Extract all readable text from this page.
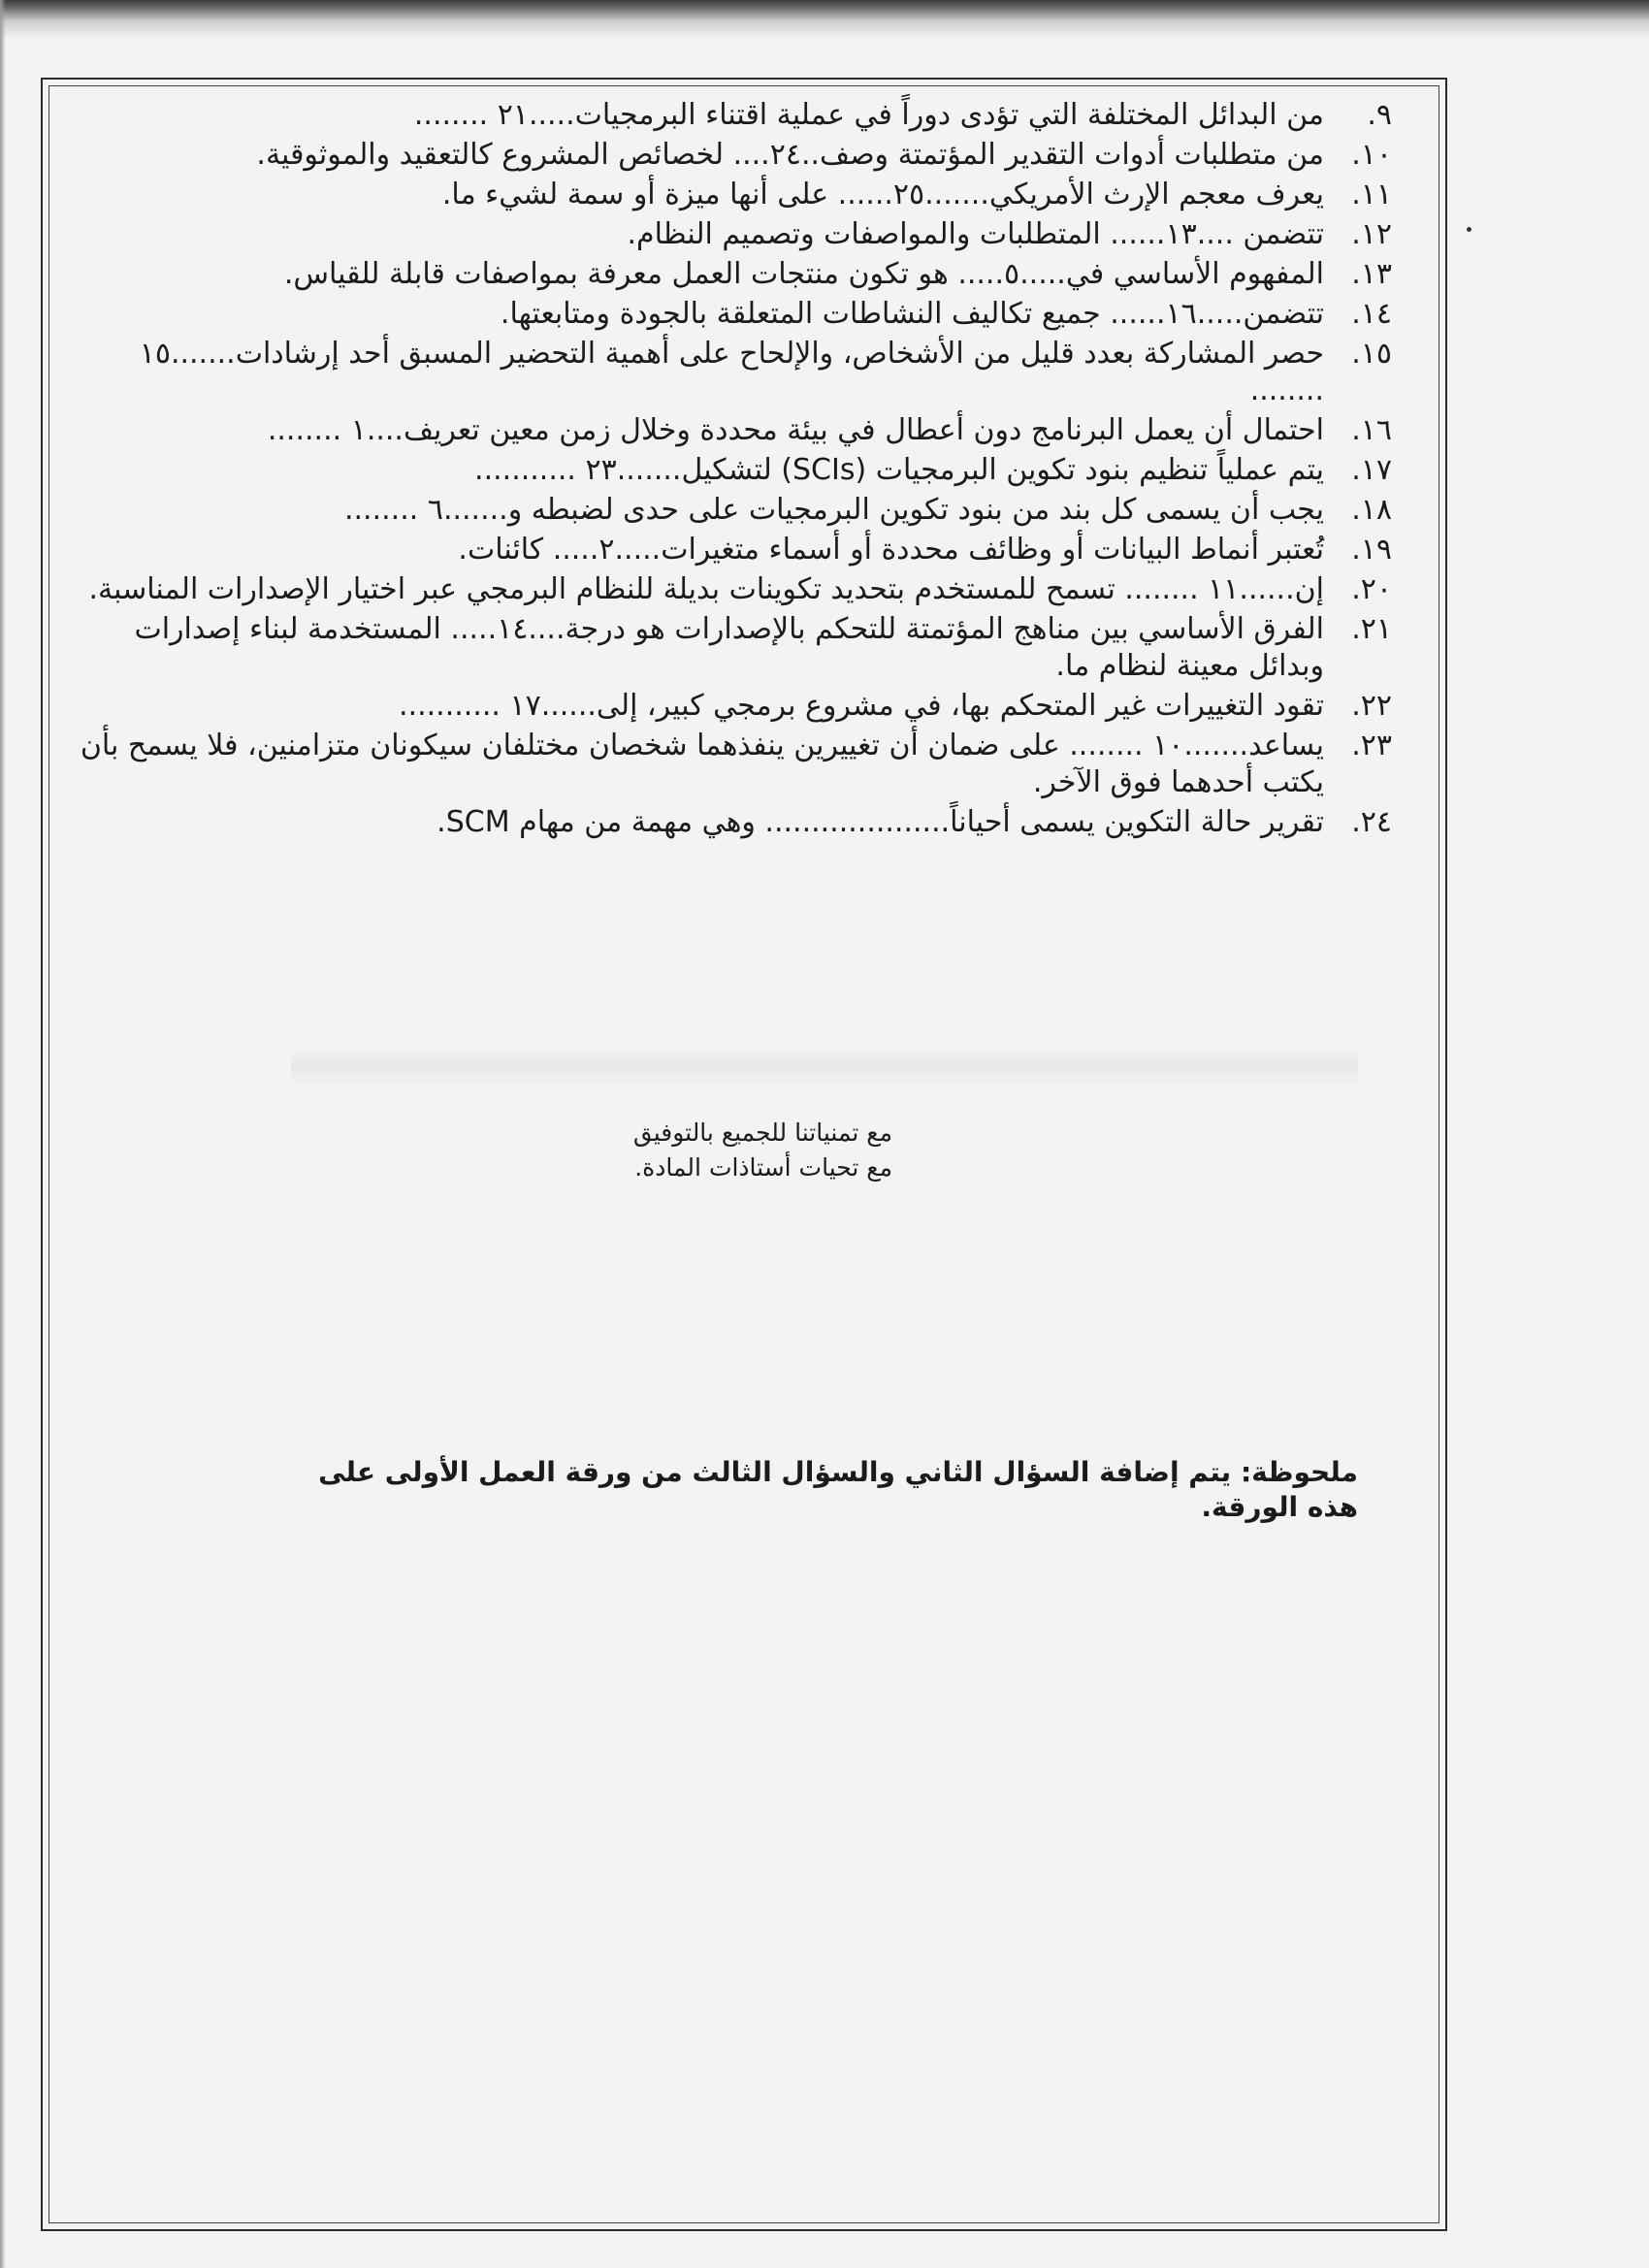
٩.
من البدائل المختلفة التي تؤدى دوراً في عملية اقتناء البرمجيات.....٢١ ........
١٠.
من متطلبات أدوات التقدير المؤتمتة وصف..٢٤.... لخصائص المشروع كالتعقيد والموثوقية.
١١.
يعرف معجم الإرث الأمريكي.......٢٥...... على أنها ميزة أو سمة لشيء ما.
١٢.
تتضمن ....١٣...... المتطلبات والمواصفات وتصميم النظام.
١٣.
المفهوم الأساسي في.....٥..... هو تكون منتجات العمل معرفة بمواصفات قابلة للقياس.
١٤.
تتضمن.....١٦...... جميع تكاليف النشاطات المتعلقة بالجودة ومتابعتها.
١٥.
حصر المشاركة بعدد قليل من الأشخاص، والإلحاح على أهمية التحضير المسبق أحد إرشادات.......١٥ ........
١٦.
احتمال أن يعمل البرنامج دون أعطال في بيئة محددة وخلال زمن معين تعريف....١ ........
١٧.
يتم عملياً تنظيم بنود تكوين البرمجيات (SCIs) لتشكيل.......٢٣ ...........
١٨.
يجب أن يسمى كل بند من بنود تكوين البرمجيات على حدى لضبطه و.......٦ ........
١٩.
تُعتبر أنماط البيانات أو وظائف محددة أو أسماء متغيرات.....٢..... كائنات.
٢٠.
إن......١١ ........ تسمح للمستخدم بتحديد تكوينات بديلة للنظام البرمجي عبر اختيار الإصدارات المناسبة.
٢١.
الفرق الأساسي بين مناهج المؤتمتة للتحكم بالإصدارات هو درجة....١٤..... المستخدمة لبناء إصدارات وبدائل معينة لنظام ما.
٢٢.
تقود التغييرات غير المتحكم بها، في مشروع برمجي كبير، إلى......١٧ ...........
٢٣.
يساعد.......١٠ ........ على ضمان أن تغييرين ينفذهما شخصان مختلفان سيكونان متزامنين، فلا يسمح بأن يكتب أحدهما فوق الآخر.
٢٤.
تقرير حالة التكوين يسمى أحياناً.................... وهي مهمة من مهام SCM.
مع تمنياتنا للجميع بالتوفيق
مع تحيات أستاذات المادة.
ملحوظة: يتم إضافة السؤال الثاني والسؤال الثالث من ورقة العمل الأولى على هذه الورقة.
